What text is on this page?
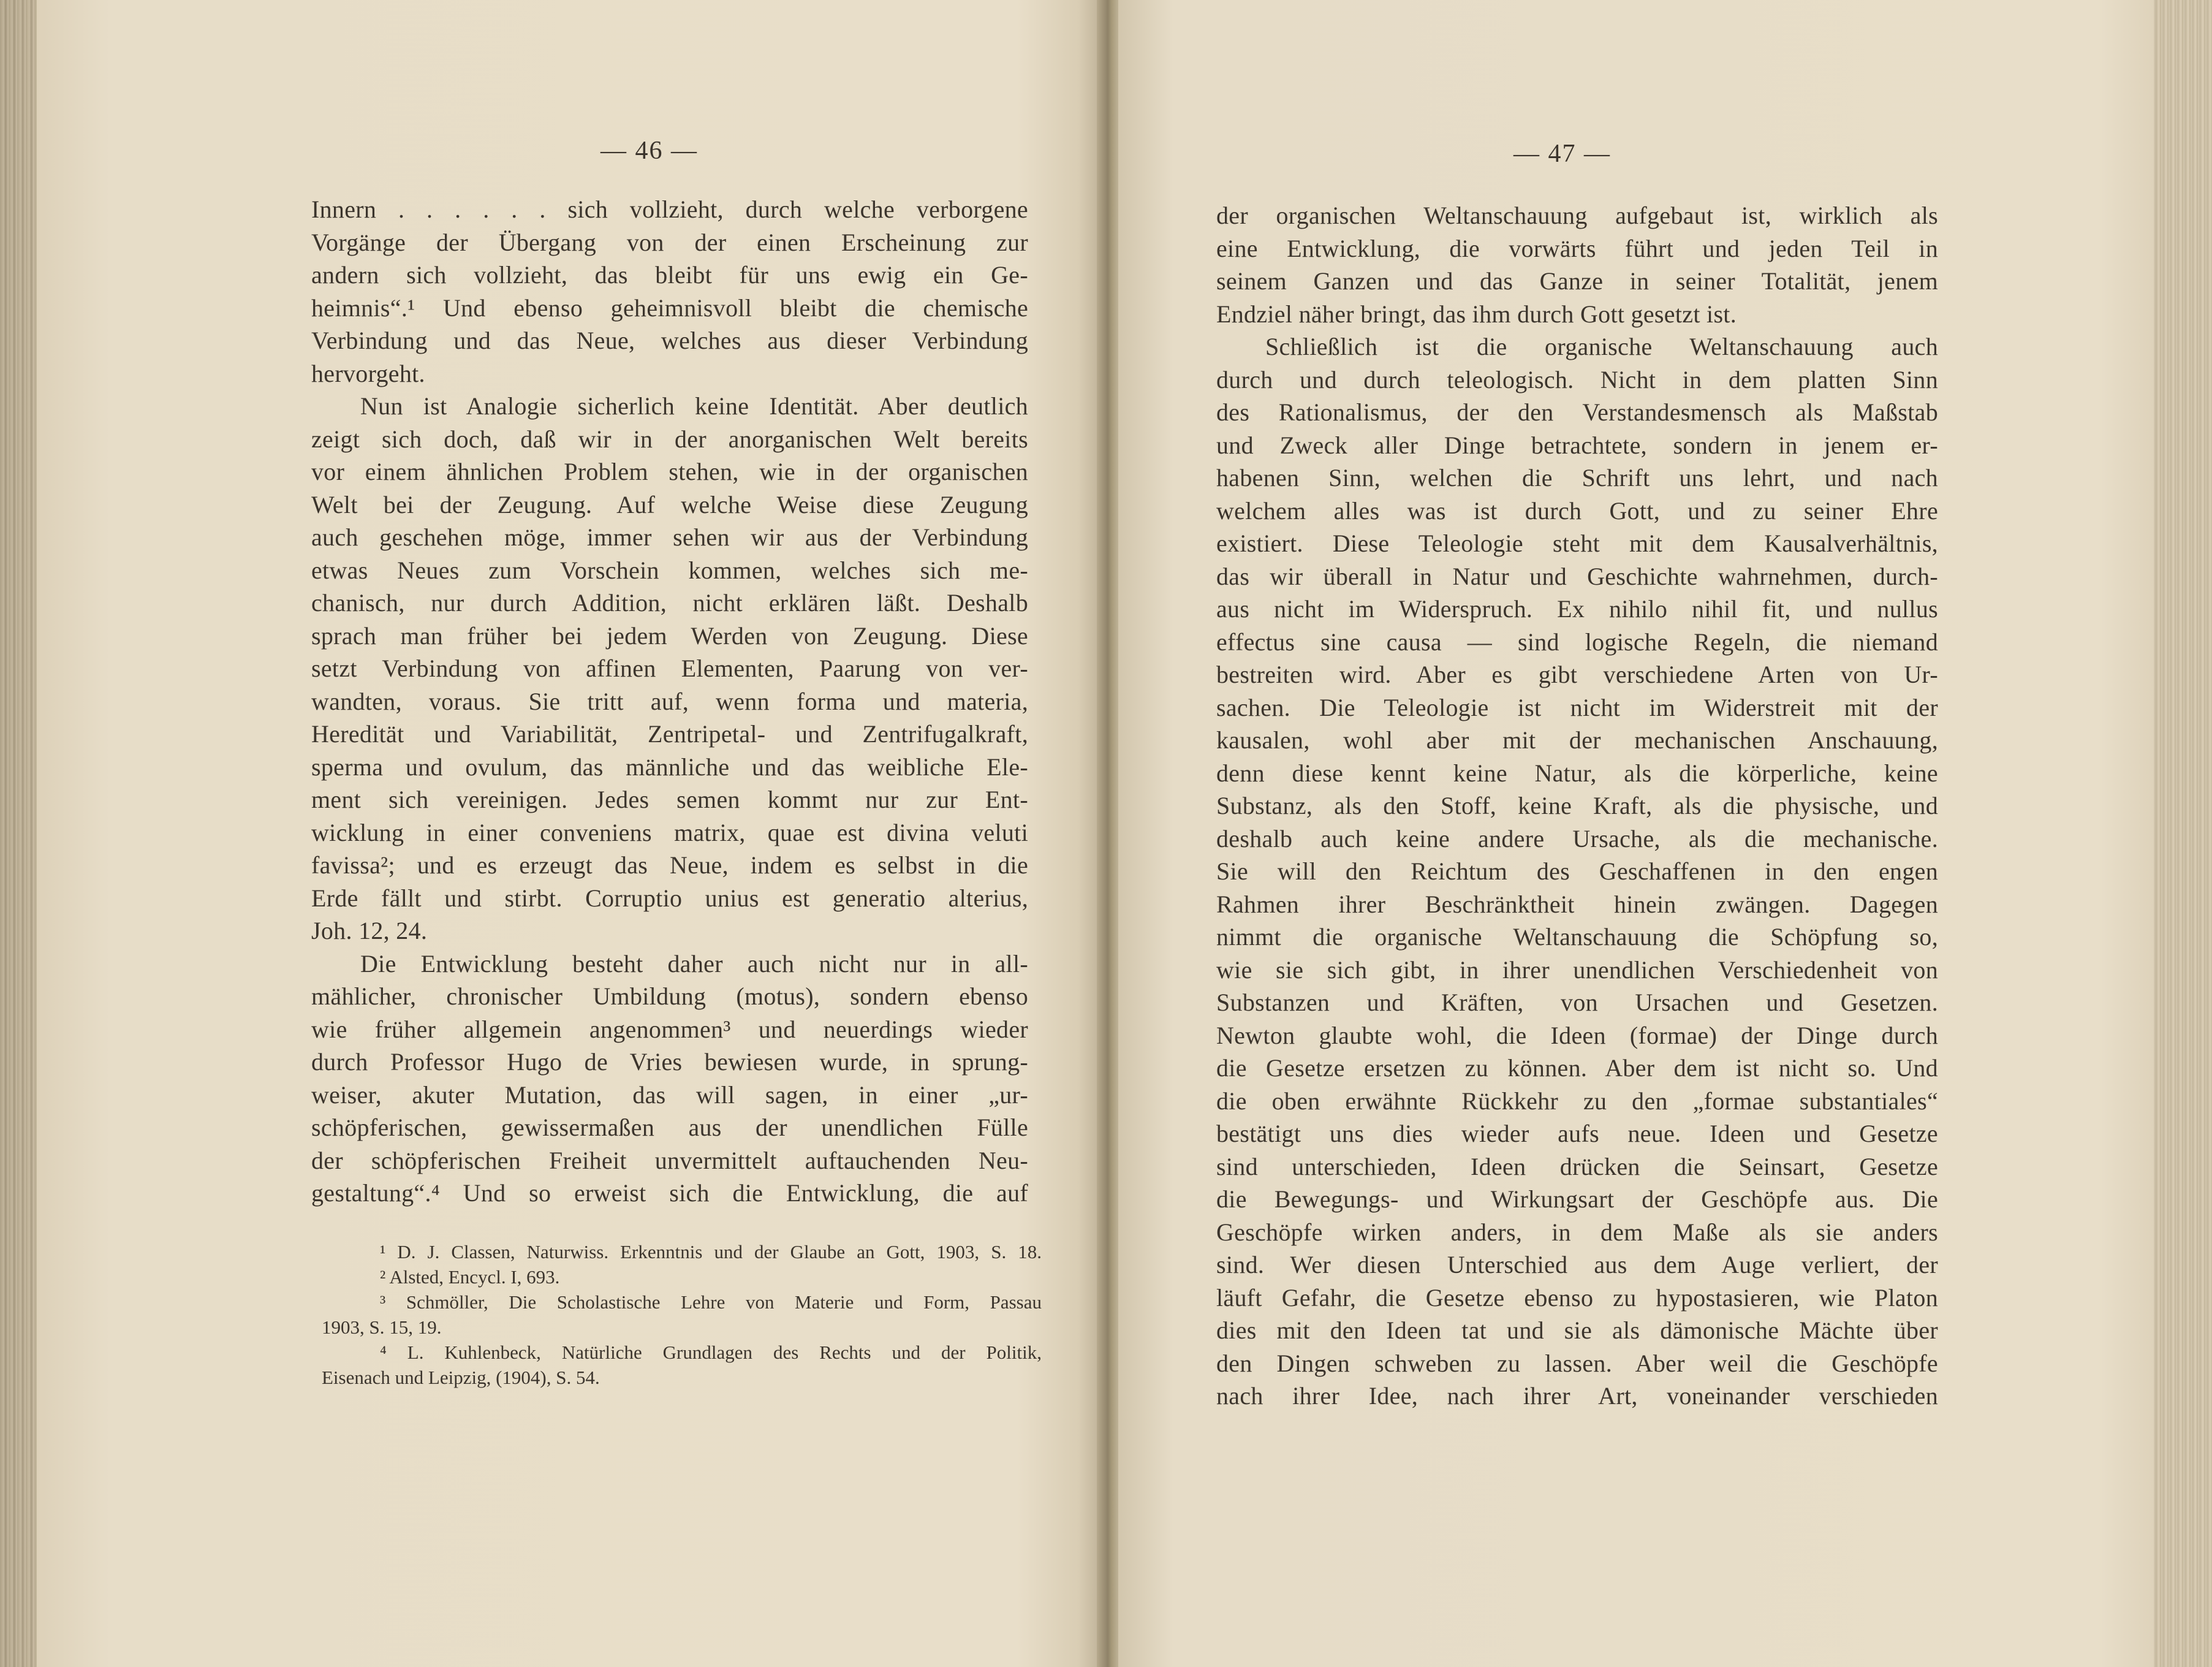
— 46 —
Innern . . . . . . sich vollzieht, durch welche verborgene
Vorgänge der Übergang von der einen Erscheinung zur
andern sich vollzieht, das bleibt für uns ewig ein Ge-
heimnis“.¹ Und ebenso geheimnisvoll bleibt die chemische
Verbindung und das Neue, welches aus dieser Verbindung
hervorgeht.
Nun ist Analogie sicherlich keine Identität. Aber deutlich
zeigt sich doch, daß wir in der anorganischen Welt bereits
vor einem ähnlichen Problem stehen, wie in der organischen
Welt bei der Zeugung. Auf welche Weise diese Zeugung
auch geschehen möge, immer sehen wir aus der Verbindung
etwas Neues zum Vorschein kommen, welches sich me-
chanisch, nur durch Addition, nicht erklären läßt. Deshalb
sprach man früher bei jedem Werden von Zeugung. Diese
setzt Verbindung von affinen Elementen, Paarung von ver-
wandten, voraus. Sie tritt auf, wenn forma und materia,
Heredität und Variabilität, Zentripetal- und Zentrifugalkraft,
sperma und ovulum, das männliche und das weibliche Ele-
ment sich vereinigen. Jedes semen kommt nur zur Ent-
wicklung in einer conveniens matrix, quae est divina veluti
favissa²; und es erzeugt das Neue, indem es selbst in die
Erde fällt und stirbt. Corruptio unius est generatio alterius,
Joh. 12, 24.
Die Entwicklung besteht daher auch nicht nur in all-
mählicher, chronischer Umbildung (motus), sondern ebenso
wie früher allgemein angenommen³ und neuerdings wieder
durch Professor Hugo de Vries bewiesen wurde, in sprung-
weiser, akuter Mutation, das will sagen, in einer „ur-
schöpferischen, gewissermaßen aus der unendlichen Fülle
der schöpferischen Freiheit unvermittelt auftauchenden Neu-
gestaltung“.⁴ Und so erweist sich die Entwicklung, die auf
¹ D. J. Classen, Naturwiss. Erkenntnis und der Glaube an Gott, 1903, S. 18.
² Alsted, Encycl. I, 693.
³ Schmöller, Die Scholastische Lehre von Materie und Form, Passau
1903, S. 15, 19.
⁴ L. Kuhlenbeck, Natürliche Grundlagen des Rechts und der Politik,
Eisenach und Leipzig, (1904), S. 54.
— 47 —
der organischen Weltanschauung aufgebaut ist, wirklich als
eine Entwicklung, die vorwärts führt und jeden Teil in
seinem Ganzen und das Ganze in seiner Totalität, jenem
Endziel näher bringt, das ihm durch Gott gesetzt ist.
Schließlich ist die organische Weltanschauung auch
durch und durch teleologisch. Nicht in dem platten Sinn
des Rationalismus, der den Verstandesmensch als Maßstab
und Zweck aller Dinge betrachtete, sondern in jenem er-
habenen Sinn, welchen die Schrift uns lehrt, und nach
welchem alles was ist durch Gott, und zu seiner Ehre
existiert. Diese Teleologie steht mit dem Kausalverhältnis,
das wir überall in Natur und Geschichte wahrnehmen, durch-
aus nicht im Widerspruch. Ex nihilo nihil fit, und nullus
effectus sine causa — sind logische Regeln, die niemand
bestreiten wird. Aber es gibt verschiedene Arten von Ur-
sachen. Die Teleologie ist nicht im Widerstreit mit der
kausalen, wohl aber mit der mechanischen Anschauung,
denn diese kennt keine Natur, als die körperliche, keine
Substanz, als den Stoff, keine Kraft, als die physische, und
deshalb auch keine andere Ursache, als die mechanische.
Sie will den Reichtum des Geschaffenen in den engen
Rahmen ihrer Beschränktheit hinein zwängen. Dagegen
nimmt die organische Weltanschauung die Schöpfung so,
wie sie sich gibt, in ihrer unendlichen Verschiedenheit von
Substanzen und Kräften, von Ursachen und Gesetzen.
Newton glaubte wohl, die Ideen (formae) der Dinge durch
die Gesetze ersetzen zu können. Aber dem ist nicht so. Und
die oben erwähnte Rückkehr zu den „formae substantiales“
bestätigt uns dies wieder aufs neue. Ideen und Gesetze
sind unterschieden, Ideen drücken die Seinsart, Gesetze
die Bewegungs- und Wirkungsart der Geschöpfe aus. Die
Geschöpfe wirken anders, in dem Maße als sie anders
sind. Wer diesen Unterschied aus dem Auge verliert, der
läuft Gefahr, die Gesetze ebenso zu hypostasieren, wie Platon
dies mit den Ideen tat und sie als dämonische Mächte über
den Dingen schweben zu lassen. Aber weil die Geschöpfe
nach ihrer Idee, nach ihrer Art, voneinander verschieden
